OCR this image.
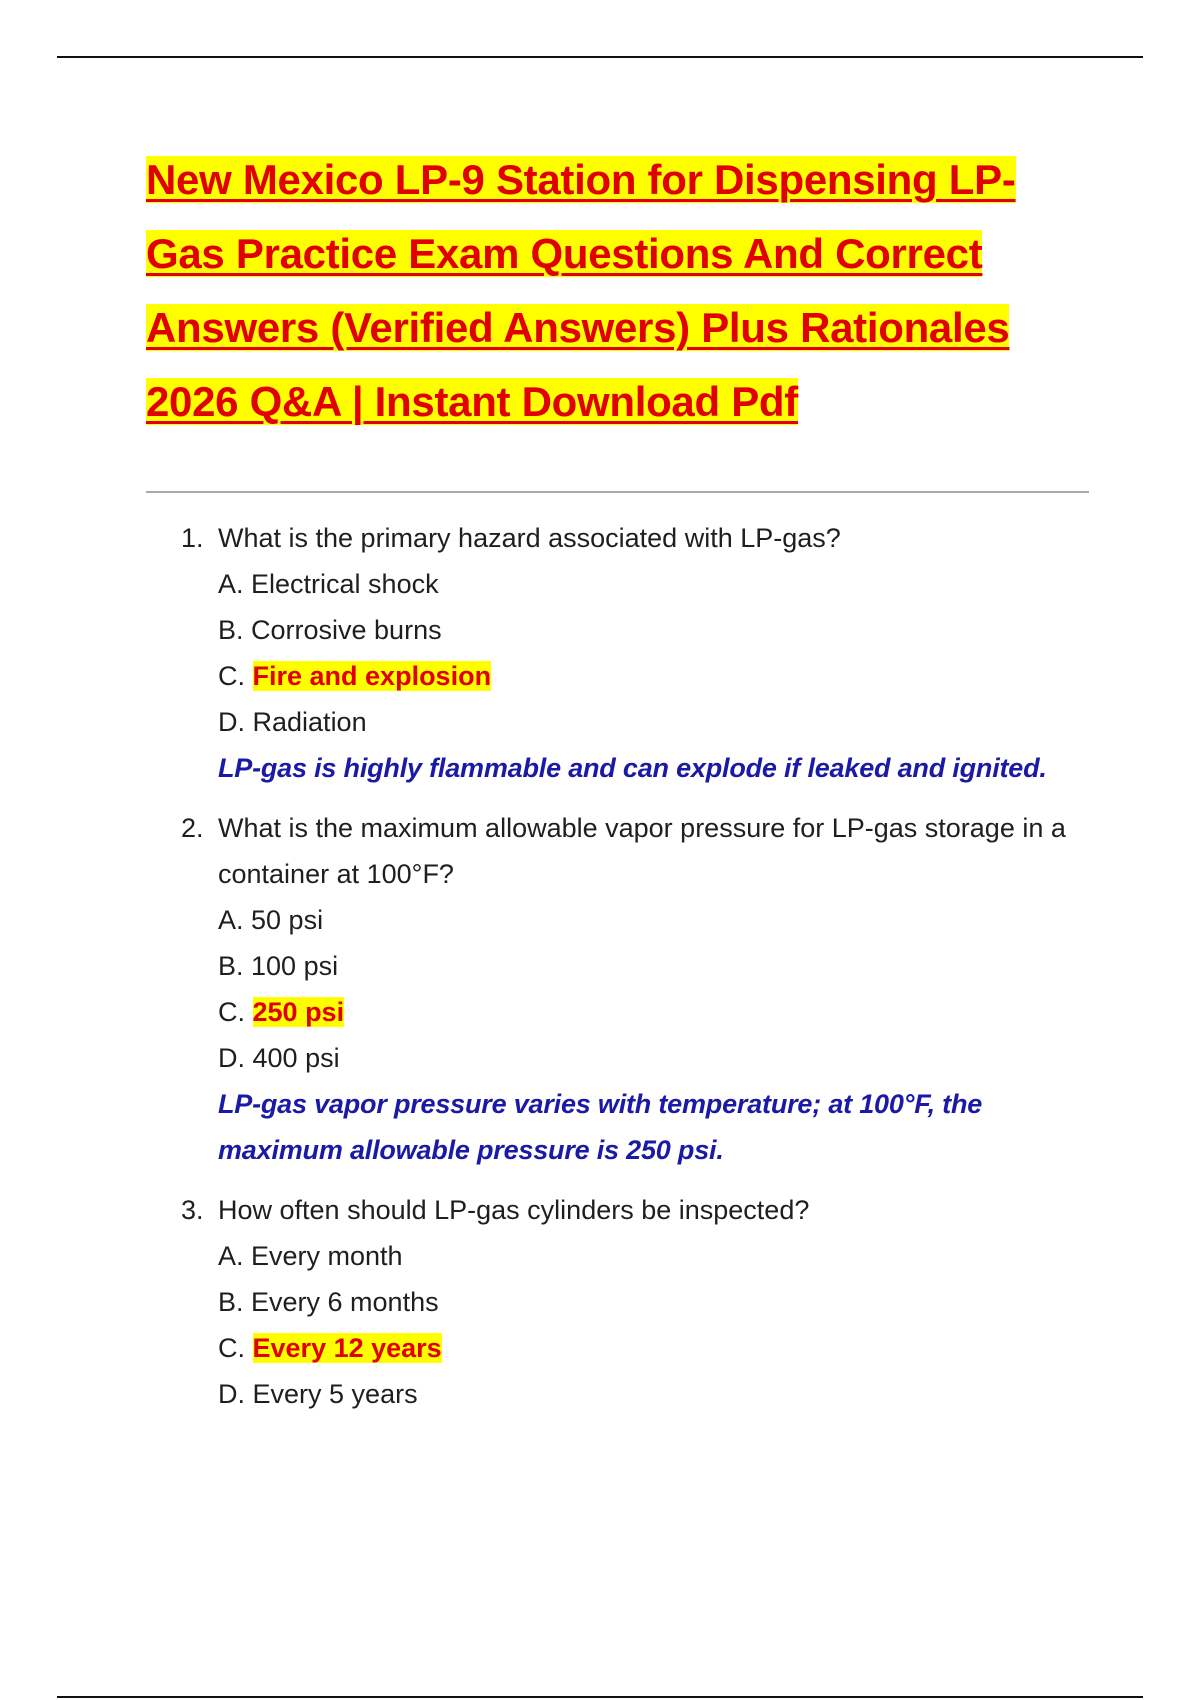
New Mexico LP-9 Station for Dispensing LP-
Gas Practice Exam Questions And Correct
Answers (Verified Answers) Plus Rationales
2026 Q&A | Instant Download Pdf
1. What is the primary hazard associated with LP-gas?
A. Electrical shock
B. Corrosive burns
C. Fire and explosion
D. Radiation
LP-gas is highly flammable and can explode if leaked and ignited.
2. What is the maximum allowable vapor pressure for LP-gas storage in a container at 100°F?
A. 50 psi
B. 100 psi
C. 250 psi
D. 400 psi
LP-gas vapor pressure varies with temperature; at 100°F, the maximum allowable pressure is 250 psi.
3. How often should LP-gas cylinders be inspected?
A. Every month
B. Every 6 months
C. Every 12 years
D. Every 5 years
